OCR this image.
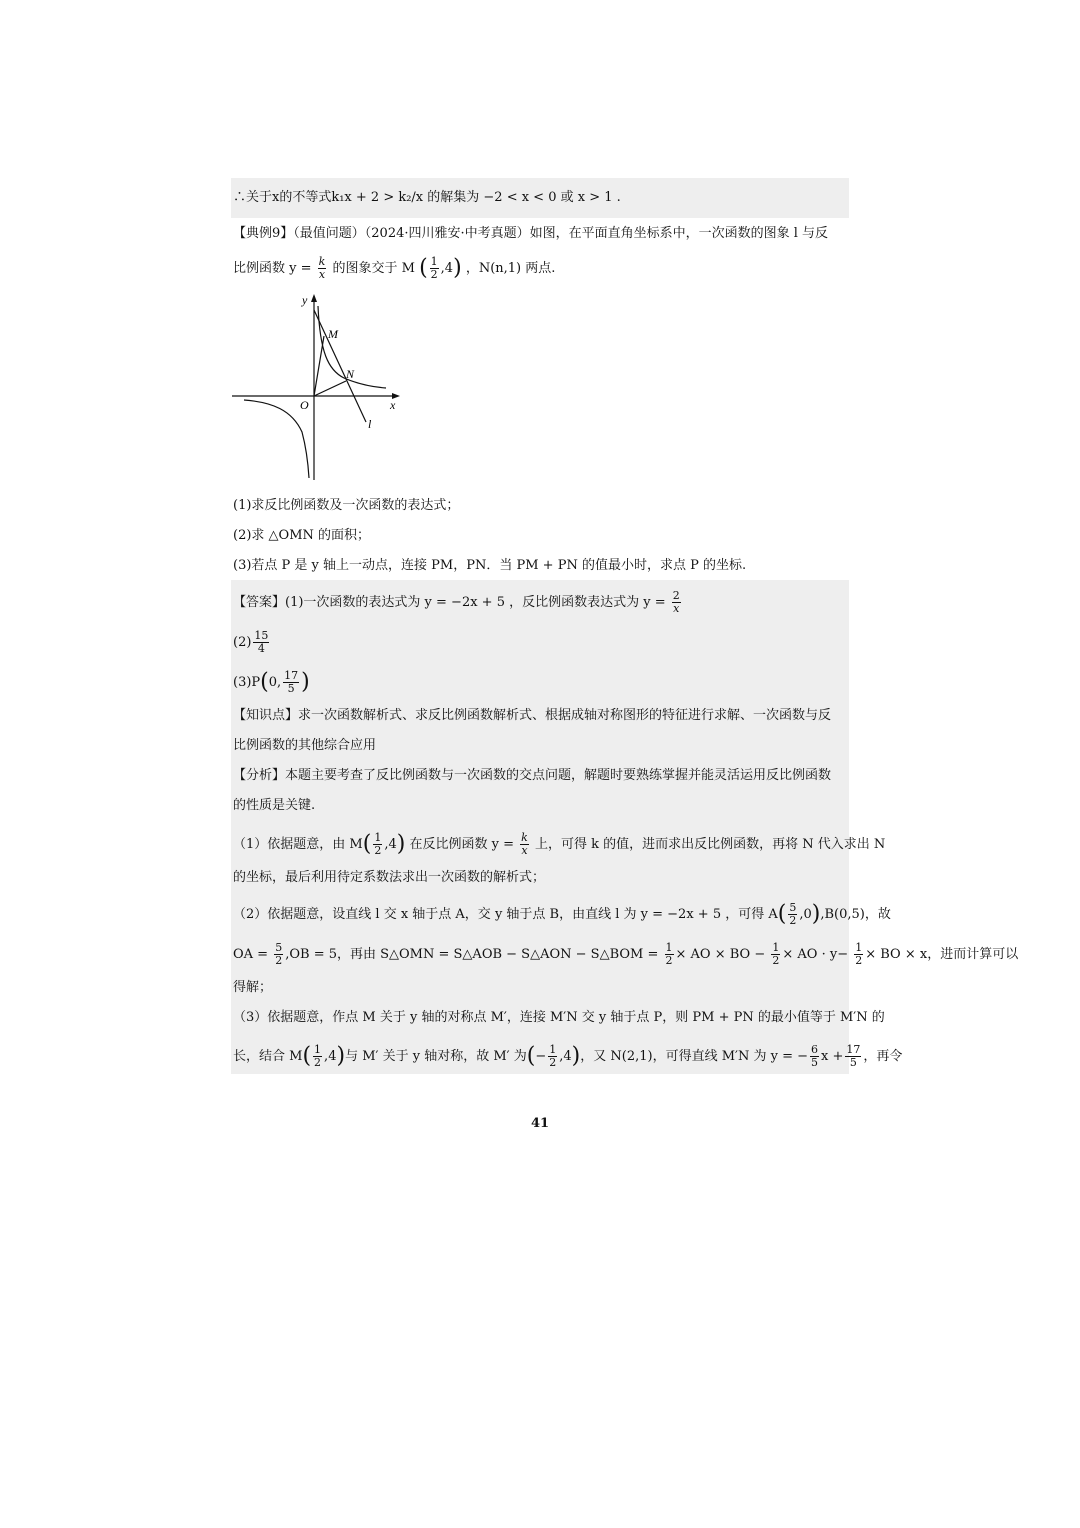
∴关于x的不等式k₁x + 2 > k₂/x 的解集为 −2 < x < 0 或 x > 1 .
【典例9】（最值问题）（2024·四川雅安·中考真题）如图，在平面直角坐标系中，一次函数的图象 l 与反
比例函数 $y = \frac{k}{x}$ 的图象交于 M ( $\frac{1}{2} ,4$) ，N(n,1) 两点.
y
x
O
M
N
l
(1)求反比例函数及一次函数的表达式；
(2)求 △OMN 的面积；
(3)若点 P 是 y 轴上一动点，连接 PM，PN．当 PM + PN 的值最小时，求点 P 的坐标.
【答案】(1)一次函数的表达式为 y = −2x + 5 ，反比例函数表达式为 $y = \frac{2}{x}$
$(2) \frac{15}{4}$
(3)P(0, $\frac{17}{5}$ )
【知识点】求一次函数解析式、求反比例函数解析式、根据成轴对称图形的特征进行求解、一次函数与反
比例函数的其他综合应用
【分析】本题主要考查了反比例函数与一次函数的交点问题，解题时要熟练掌握并能灵活运用反比例函数
的性质是关键.
（1）依据题意，由 $M( \frac{1}{2} ,4)$ 在反比例函数 $y = \frac{k}{x}$ 上，可得 k 的值，进而求出反比例函数，再将 N 代入求出 N
的坐标，最后利用待定系数法求出一次函数的解析式；
（2）依据题意，设直线 l 交 x 轴于点 A，交 y 轴于点 B，由直线 l 为 y = −2x + 5 ，可得 $A( \frac{5}{2} ,0),B(0,5)$，故
OA = $\frac{5}{2} ,OB = 5$，再由 S△OMN = S△AOB − S△AON − S△BOM = $\frac{1}{2}$ × AO × BO − $\frac{1}{2}$ × AO · $y- \frac{1}{2}$ × BO × x，进而计算可以
得解；
（3）依据题意，作点 M 关于 y 轴的对称点 M′，连接 M′N 交 y 轴于点 P，则 PM + PN 的最小值等于 M′N 的
长，结合 $M( \frac{1}{2} ,4)$与 M′ 关于 y 轴对称，故 M′ 为(− $\frac{1}{2} ,4$)，又 N(2,1)，可得直线 M′N 为 y = − $\frac{6}{5}$ $x + \frac{17}{5}$ ，再令
41
